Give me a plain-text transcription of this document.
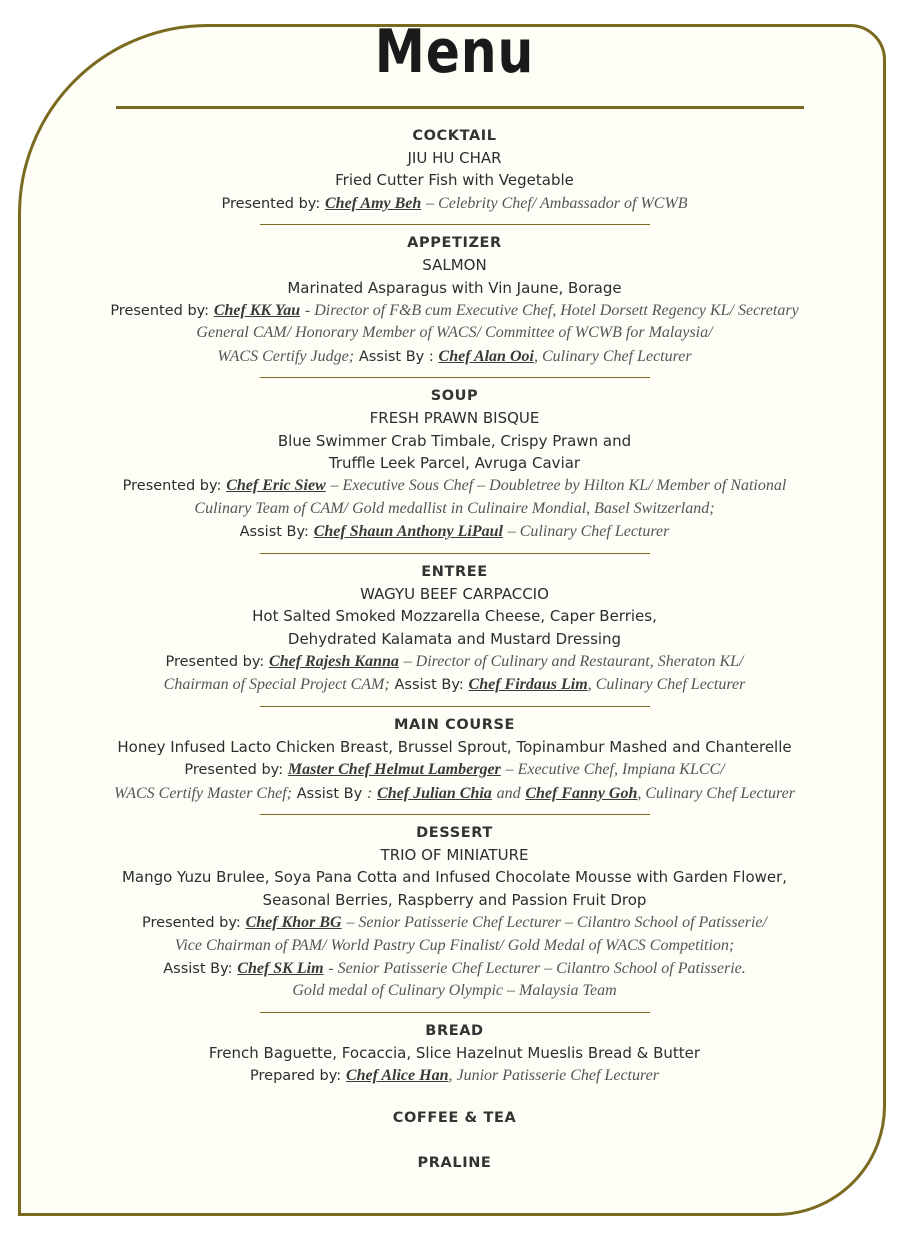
Menu
COCKTAIL
JIU HU CHAR
Fried Cutter Fish with Vegetable
Presented by: Chef Amy Beh – Celebrity Chef/ Ambassador of WCWB
APPETIZER
SALMON
Marinated Asparagus with Vin Jaune, Borage
Presented by: Chef KK Yau - Director of F&B cum Executive Chef, Hotel Dorsett Regency KL/ Secretary
General CAM/ Honorary Member of WACS/ Committee of WCWB for Malaysia/
WACS Certify Judge; Assist By : Chef Alan Ooi, Culinary Chef Lecturer
SOUP
FRESH PRAWN BISQUE
Blue Swimmer Crab Timbale, Crispy Prawn and
Truffle Leek Parcel, Avruga Caviar
Presented by: Chef Eric Siew – Executive Sous Chef – Doubletree by Hilton KL/ Member of National
Culinary Team of CAM/ Gold medallist in Culinaire Mondial, Basel Switzerland;
Assist By: Chef Shaun Anthony LiPaul – Culinary Chef Lecturer
ENTREE
WAGYU BEEF CARPACCIO
Hot Salted Smoked Mozzarella Cheese, Caper Berries,
Dehydrated Kalamata and Mustard Dressing
Presented by: Chef Rajesh Kanna – Director of Culinary and Restaurant, Sheraton KL/
Chairman of Special Project CAM; Assist By: Chef Firdaus Lim, Culinary Chef Lecturer
MAIN COURSE
Honey Infused Lacto Chicken Breast, Brussel Sprout, Topinambur Mashed and Chanterelle
Presented by: Master Chef Helmut Lamberger – Executive Chef, Impiana KLCC/
WACS Certify Master Chef; Assist By : Chef Julian Chia and Chef Fanny Goh, Culinary Chef Lecturer
DESSERT
TRIO OF MINIATURE
Mango Yuzu Brulee, Soya Pana Cotta and Infused Chocolate Mousse with Garden Flower,
Seasonal Berries, Raspberry and Passion Fruit Drop
Presented by: Chef Khor BG – Senior Patisserie Chef Lecturer – Cilantro School of Patisserie/
Vice Chairman of PAM/ World Pastry Cup Finalist/ Gold Medal of WACS Competition;
Assist By: Chef SK Lim - Senior Patisserie Chef Lecturer – Cilantro School of Patisserie.
Gold medal of Culinary Olympic – Malaysia Team
BREAD
French Baguette, Focaccia, Slice Hazelnut Mueslis Bread & Butter
Prepared by: Chef Alice Han, Junior Patisserie Chef Lecturer
COFFEE & TEA
PRALINE
